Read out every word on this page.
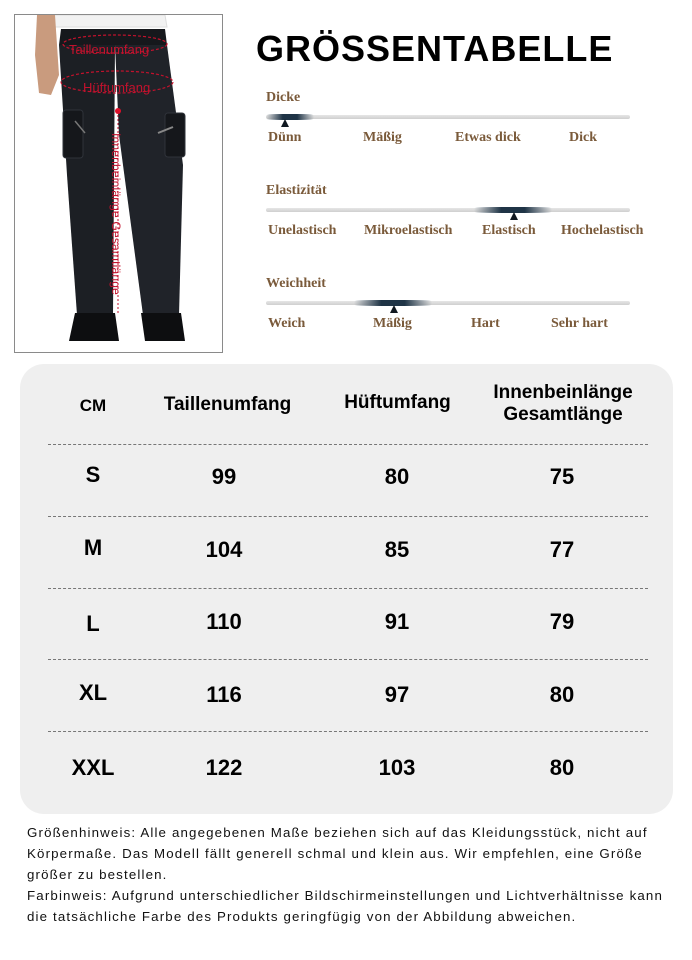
Taillenumfang
Hüftumfang
Innenbeinlänge Gesamtlänge
GRÖSSENTABELLE
Dicke
Dünn	Mäßig	Etwas dick	Dick
Elastizität
Unelastisch Mikroelastisch Elastisch Hochelastisch
Weichheit
Weich	Mäßig	Hart	Sehr hart
CM	Taillenumfang	Hüftumfang	Innenbeinlänge
Gesamtlänge
S	99	80	75
M	104	85	77
L	110	91	79
XL	116	97	80
XXL	122	103	80

Größenhinweis: Alle angegebenen Maße beziehen sich auf das Kleidungsstück, nicht auf Körpermaße. Das Modell fällt generell schmal und klein aus. Wir empfehlen, eine Größe größer zu bestellen.

Farbinweis: Aufgrund unterschiedlicher Bildschirmeinstellungen und Lichtverhältnisse kann die tatsächliche Farbe des Produkts geringfügig von der Abbildung abweichen.
